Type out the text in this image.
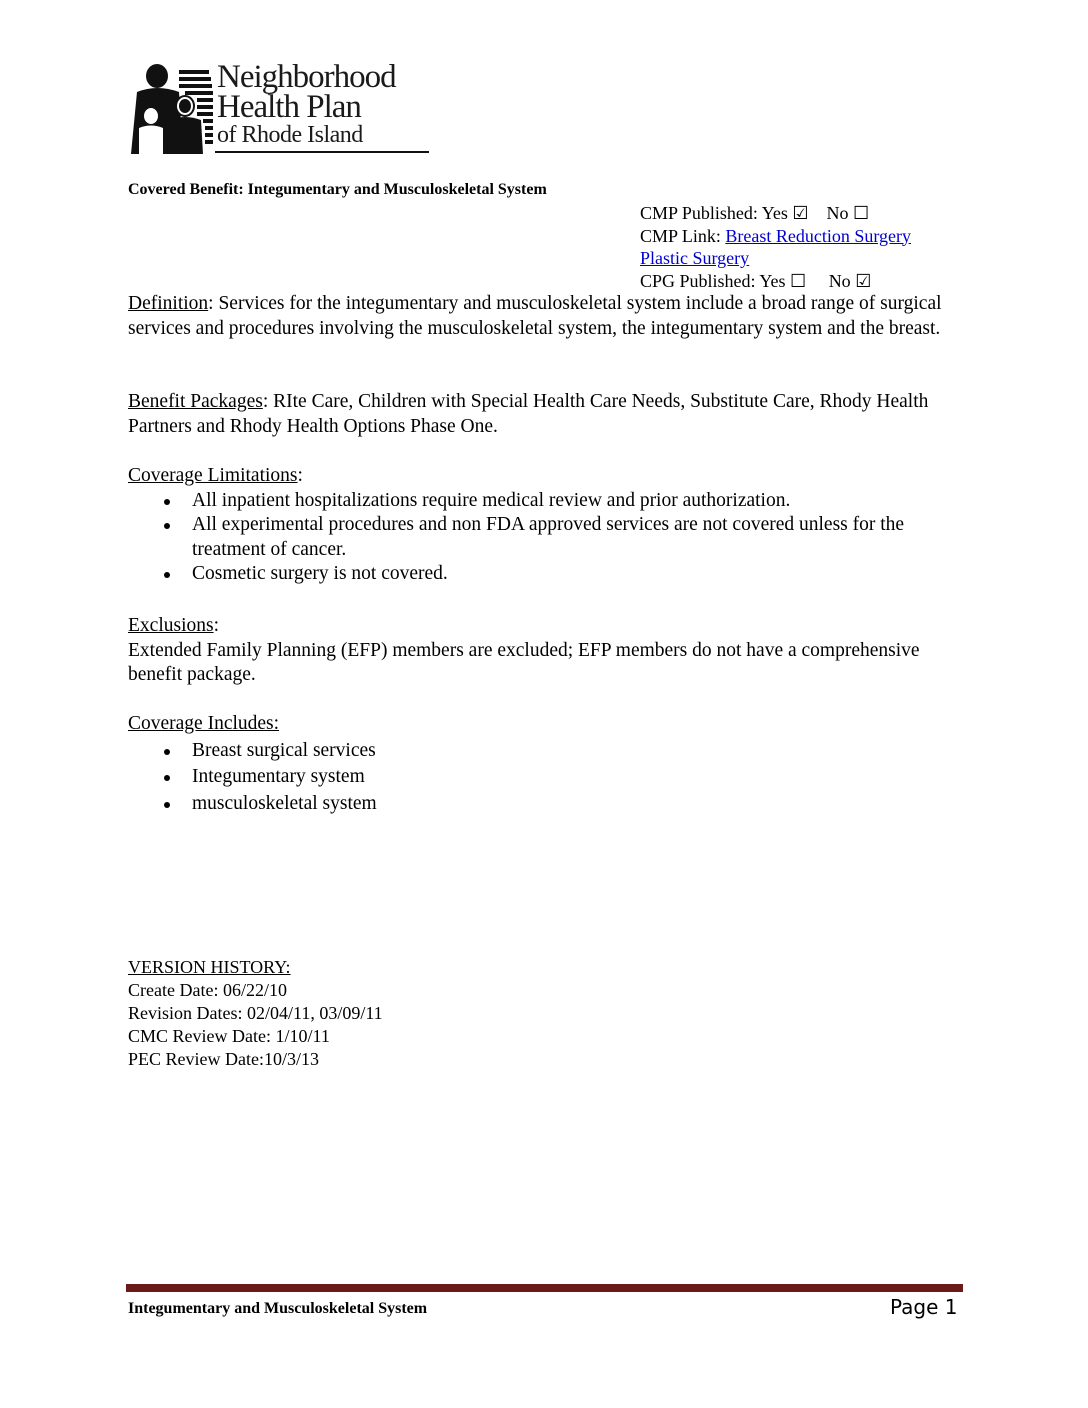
Neighborhood
Health Plan
of Rhode Island
Covered Benefit: Integumentary and Musculoskeletal System
CMP Published: Yes ☑ No ☐
CMP Link: Breast Reduction Surgery
Plastic Surgery
CPG Published: Yes ☐ No ☑
Definition: Services for the integumentary and musculoskeletal system include a broad range of surgical services and procedures involving the musculoskeletal system, the integumentary system and the breast.
Benefit Packages: RIte Care, Children with Special Health Care Needs, Substitute Care, Rhody Health Partners and Rhody Health Options Phase One.
Coverage Limitations:
All inpatient hospitalizations require medical review and prior authorization.
All experimental procedures and non FDA approved services are not covered unless for the treatment of cancer.
Cosmetic surgery is not covered.
Exclusions:
Extended Family Planning (EFP) members are excluded; EFP members do not have a comprehensive benefit package.
Coverage Includes:
Breast surgical services
Integumentary system
musculoskeletal system
VERSION HISTORY:
Create Date: 06/22/10
Revision Dates: 02/04/11, 03/09/11
CMC Review Date: 1/10/11
PEC Review Date:10/3/13
Integumentary and Musculoskeletal System	Page 1
